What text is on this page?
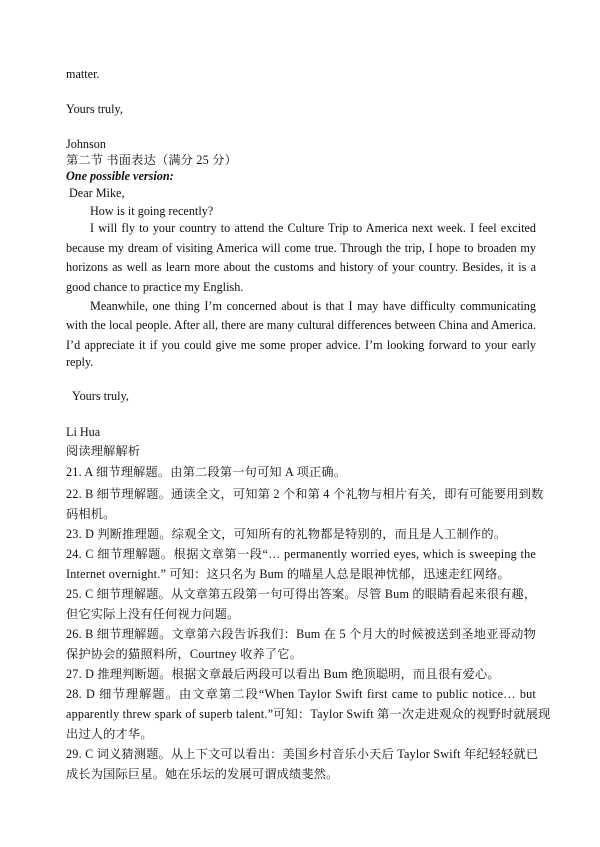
matter.
Yours truly,
Johnson
第二节 书面表达（满分 25 分）
One possible version:
Dear Mike,
How is it going recently?
I will fly to your country to attend the Culture Trip to America next week. I feel excited
because my dream of visiting America will come true. Through the trip, I hope to broaden my
horizons as well as learn more about the customs and history of your country. Besides, it is a
good chance to practice my English.
Meanwhile, one thing I’m concerned about is that I may have difficulty communicating
with the local people. After all, there are many cultural differences between China and America.
I’d appreciate it if you could give me some proper advice. I’m looking forward to your early
reply.
Yours truly,
Li Hua
阅读理解解析
21. A 细节理解题。由第二段第一句可知 A 项正确。
22. B 细节理解题。通读全文，可知第 2 个和第 4 个礼物与相片有关，即有可能要用到数
码相机。
23. D 判断推理题。综观全文，可知所有的礼物都是特别的，而且是人工制作的。
24. C 细节理解题。根据文章第一段“… permanently worried eyes, which is sweeping the
Internet overnight.” 可知：这只名为 Bum 的喵星人总是眼神忧郁，迅速走红网络。
25. C 细节理解题。从文章第五段第一句可得出答案。尽管 Bum 的眼睛看起来很有趣，
但它实际上没有任何视力问题。
26. B 细节理解题。文章第六段告诉我们：Bum 在 5 个月大的时候被送到圣地亚哥动物
保护协会的猫照料所，Courtney 收养了它。
27. D 推理判断题。根据文章最后两段可以看出 Bum 绝顶聪明，而且很有爱心。
28. D 细节理解题。由文章第二段“When Taylor Swift first came to public notice… but
apparently threw spark of superb talent.”可知：Taylor Swift 第一次走进观众的视野时就展现
出过人的才华。
29. C 词义猜测题。从上下文可以看出：美国乡村音乐小天后 Taylor Swift 年纪轻轻就已
成长为国际巨星。她在乐坛的发展可谓成绩斐然。
